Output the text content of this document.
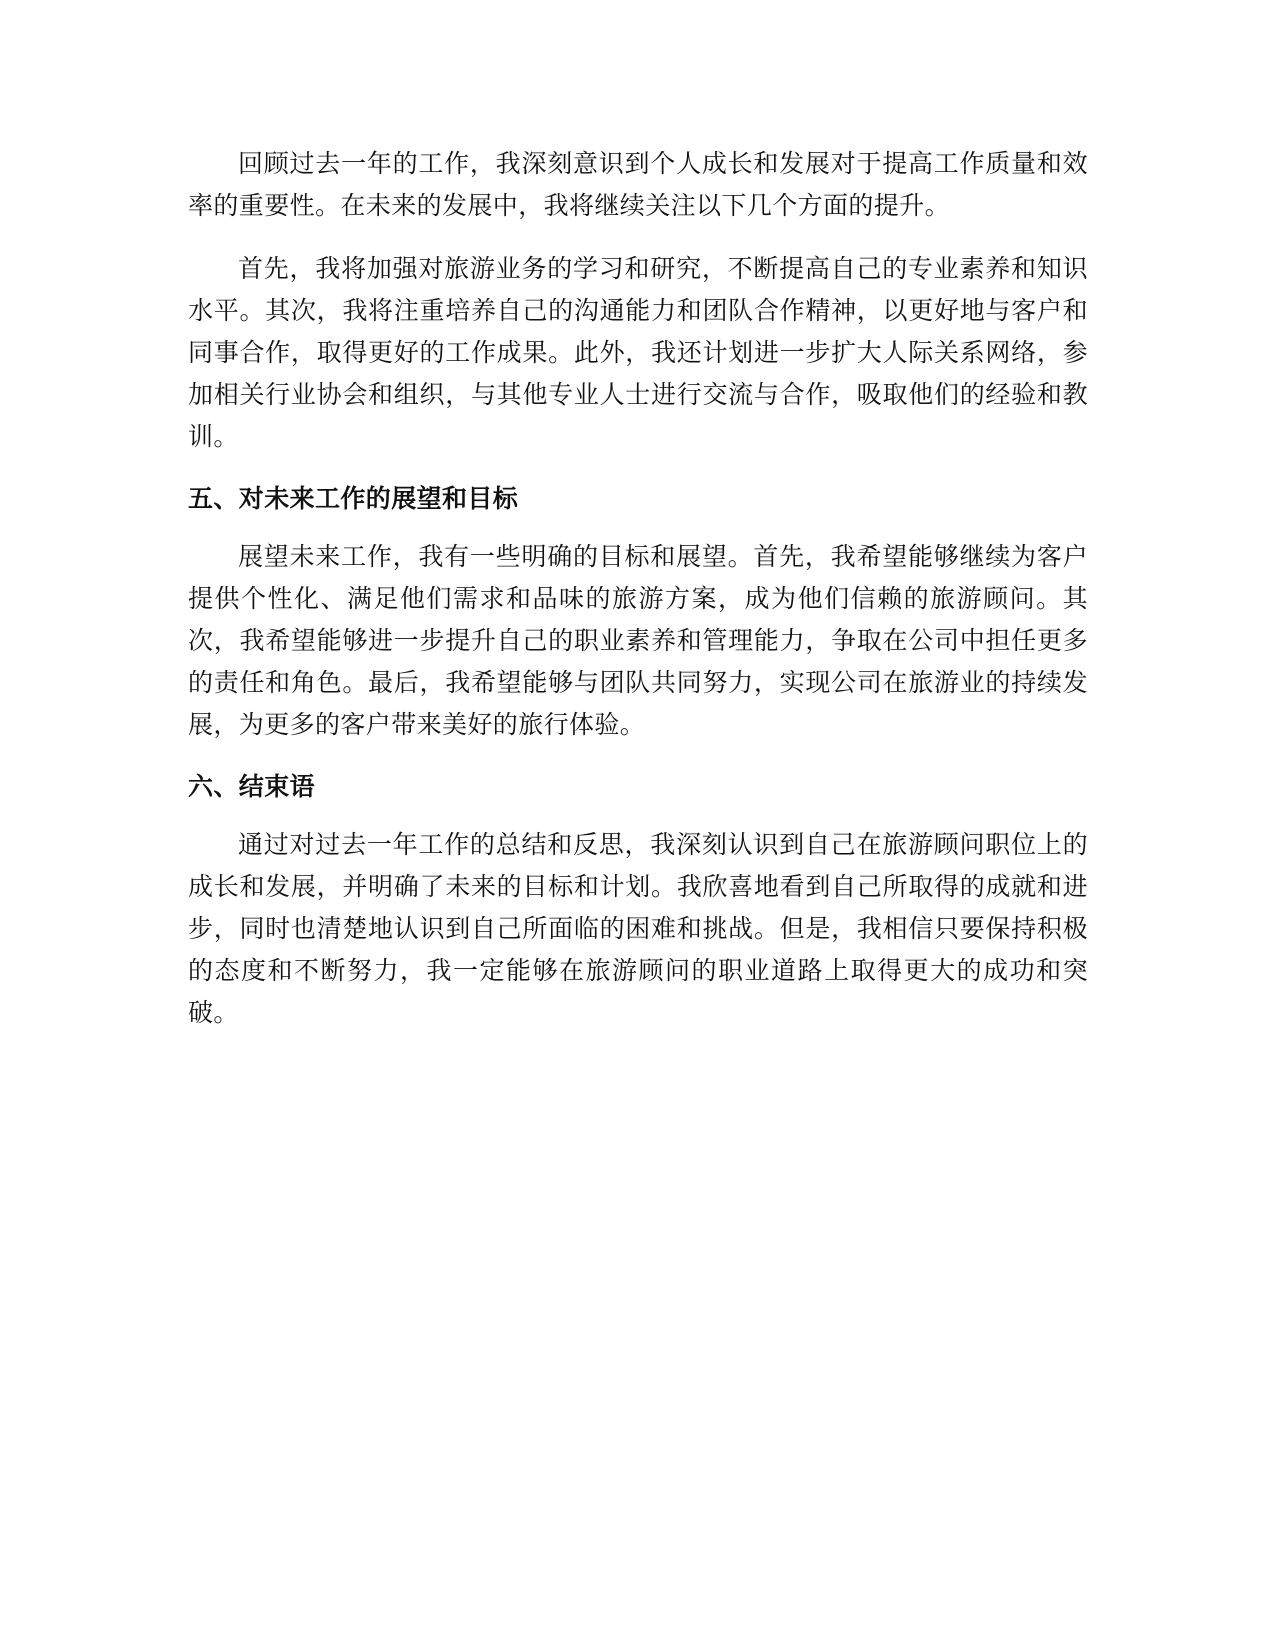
回顾过去一年的工作，我深刻意识到个人成长和发展对于提高工作质量和效率的重要性。在未来的发展中，我将继续关注以下几个方面的提升。

首先，我将加强对旅游业务的学习和研究，不断提高自己的专业素养和知识水平。其次，我将注重培养自己的沟通能力和团队合作精神，以更好地与客户和同事合作，取得更好的工作成果。此外，我还计划进一步扩大人际关系网络，参加相关行业协会和组织，与其他专业人士进行交流与合作，吸取他们的经验和教训。

五、对未来工作的展望和目标

展望未来工作，我有一些明确的目标和展望。首先，我希望能够继续为客户提供个性化、满足他们需求和品味的旅游方案，成为他们信赖的旅游顾问。其次，我希望能够进一步提升自己的职业素养和管理能力，争取在公司中担任更多的责任和角色。最后，我希望能够与团队共同努力，实现公司在旅游业的持续发展，为更多的客户带来美好的旅行体验。

六、结束语

通过对过去一年工作的总结和反思，我深刻认识到自己在旅游顾问职位上的成长和发展，并明确了未来的目标和计划。我欣喜地看到自己所取得的成就和进步，同时也清楚地认识到自己所面临的困难和挑战。但是，我相信只要保持积极的态度和不断努力，我一定能够在旅游顾问的职业道路上取得更大的成功和突破。
